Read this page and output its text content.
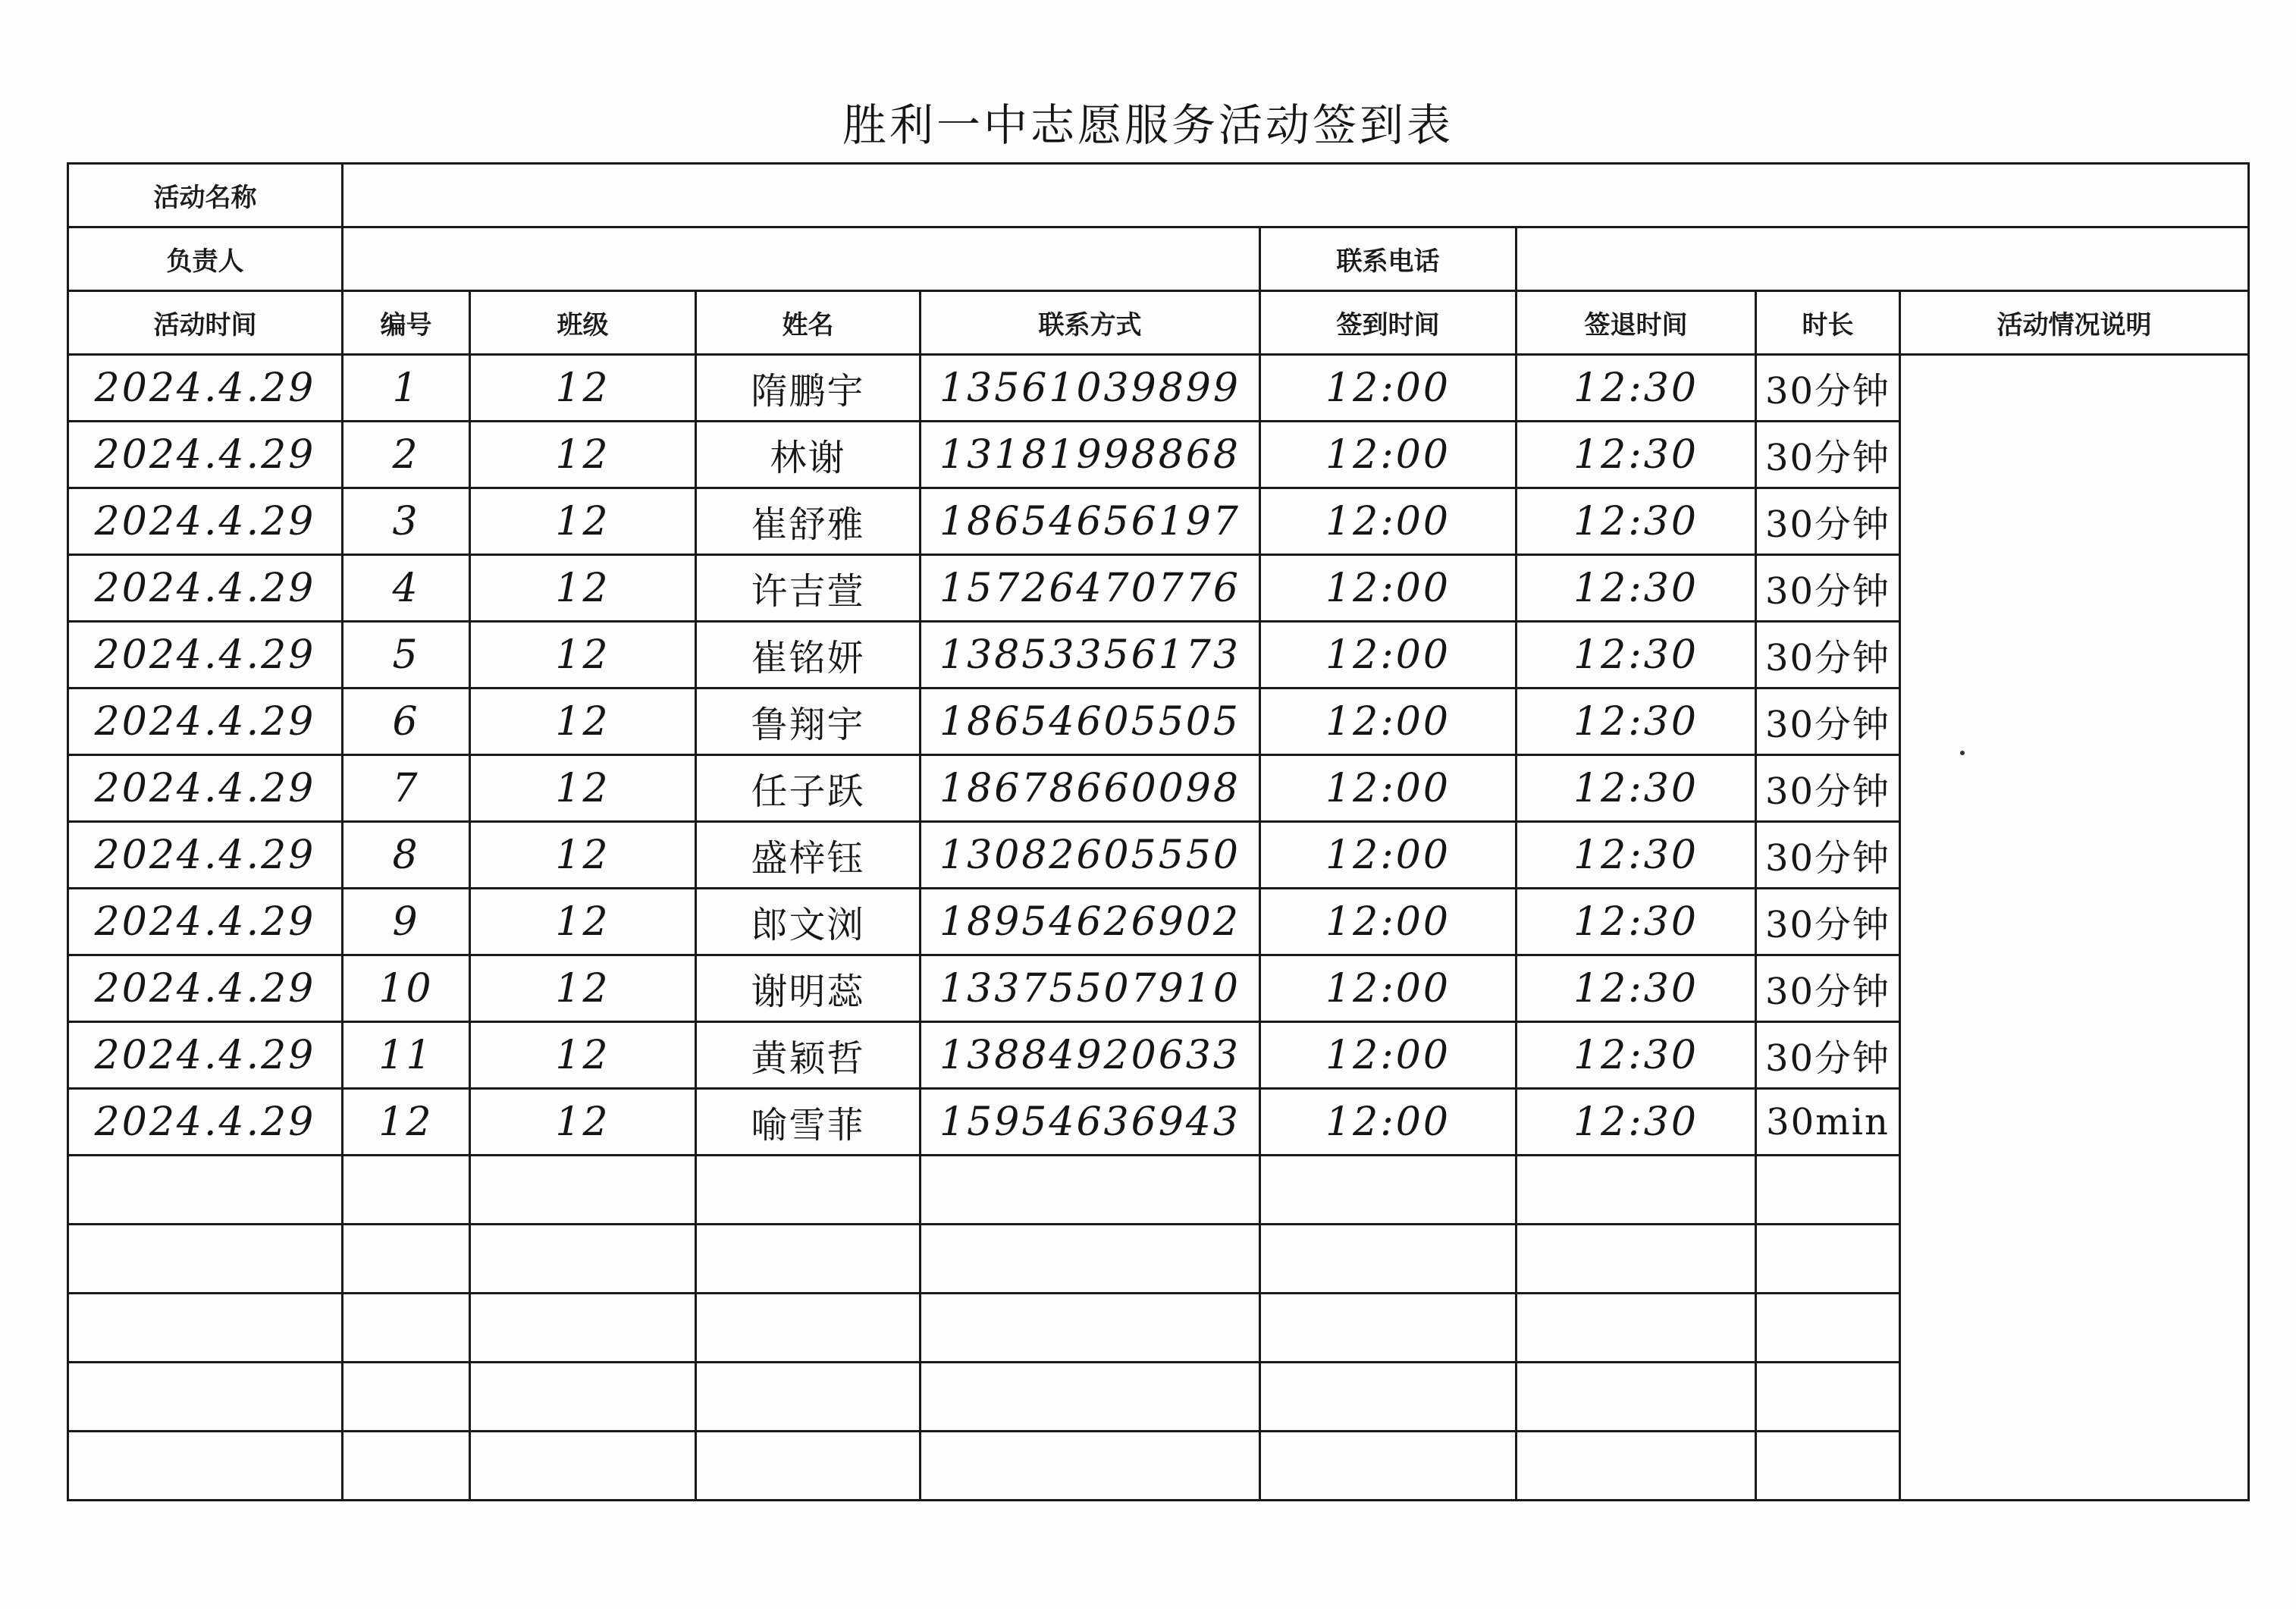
胜利一中志愿服务活动签到表
活动名称								
负责人					联系电话			
活动时间	编号	班级	姓名	联系方式	签到时间	签退时间	时长	活动情况说明
2024.4.29	1	12	隋鹏宇	13561039899	12:00	12:30	30分钟	
2024.4.29	2	12	林谢	13181998868	12:00	12:30	30分钟	
2024.4.29	3	12	崔舒雅	18654656197	12:00	12:30	30分钟	
2024.4.29	4	12	许吉萱	15726470776	12:00	12:30	30分钟	
2024.4.29	5	12	崔铭妍	13853356173	12:00	12:30	30分钟	
2024.4.29	6	12	鲁翔宇	18654605505	12:00	12:30	30分钟	
2024.4.29	7	12	任子跃	18678660098	12:00	12:30	30分钟	
2024.4.29	8	12	盛梓钰	13082605550	12:00	12:30	30分钟	
2024.4.29	9	12	郎文浏	18954626902	12:00	12:30	30分钟	
2024.4.29	10	12	谢明蕊	13375507910	12:00	12:30	30分钟	
2024.4.29	11	12	黄颖哲	13884920633	12:00	12:30	30分钟	
2024.4.29	12	12	喻雪菲	15954636943	12:00	12:30	30min	
